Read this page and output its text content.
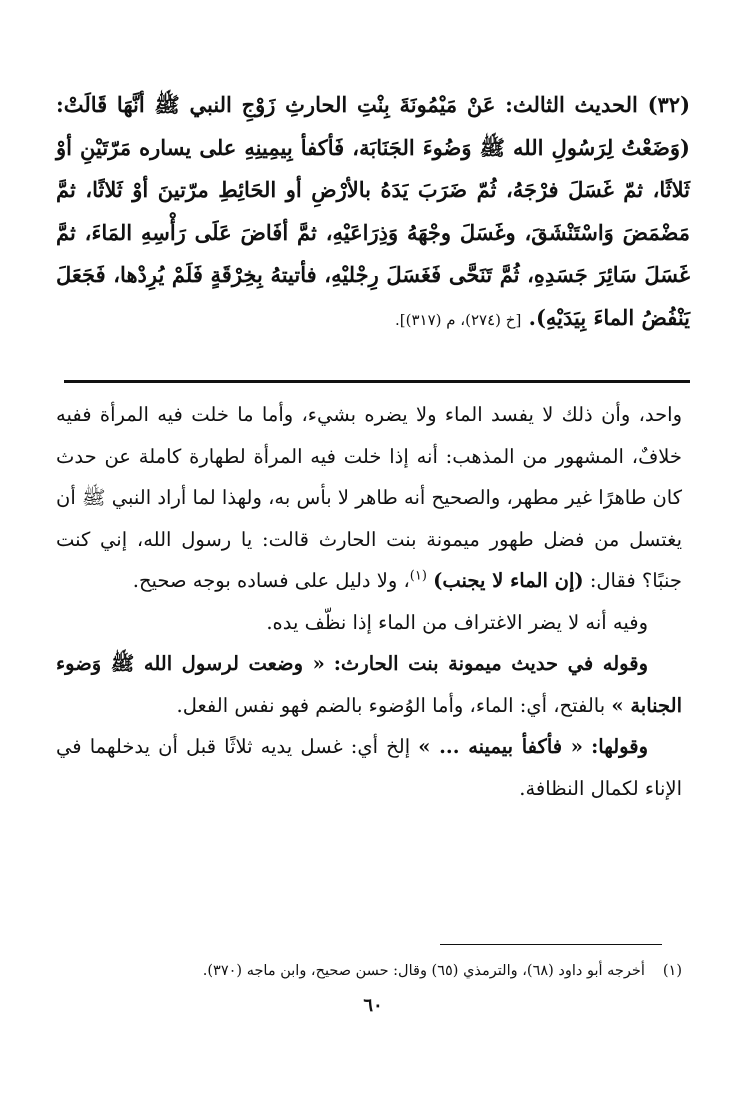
(٣٢) الحديث الثالث: عَنْ مَيْمُونَةَ بِنْتِ الحارثِ زَوْجِ النبي ﷺ أنَّهَا قَالَتْ: (وَضَعْتُ لِرَسُولِ الله ﷺ وَضُوءَ الجَنَابَة، فَأكفأ بِيمِينِهِ على يساره مَرّتَيْنِ أوْ ثَلاثًا، ثمّ غَسَلَ فرْجَهُ، ثُمّ ضَرَبَ يَدَهُ بالأرْضِ أو الحَائِطِ مرّتينَ أوْ ثَلاثًا، ثمَّ مَضْمَضَ وَاسْتَنْشَقَ، وغَسَلَ وجْهَهُ وَذِرَاعَيْهِ، ثمَّ أفَاضَ عَلَى رَأْسِهِ المَاءَ، ثمَّ غَسَلَ سَائِرَ جَسَدِهِ، ثُمَّ تَنَحَّى فَغَسَلَ رِجْليْهِ، فأتيتهُ بِخِرْقَةٍ فَلَمْ يُرِدْها، فَجَعَلَ يَنْفُضُ الماءَ بِيَدَيْهِ). [خ (٢٧٤)، م (٣١٧)].

واحد، وأن ذلك لا يفسد الماء ولا يضره بشيء، وأما ما خلت فيه المرأة ففيه خلافٌ، المشهور من المذهب: أنه إذا خلت فيه المرأة لطهارة كاملة عن حدث كان طاهرًا غير مطهر، والصحيح أنه طاهر لا بأس به، ولهذا لما أراد النبي ﷺ أن يغتسل من فضل طهور ميمونة بنت الحارث قالت: يا رسول الله، إني كنت جنبًا؟ فقال: (إن الماء لا يجنب) $^{(١)}$، ولا دليل على فساده بوجه صحيح.

وفيه أنه لا يضر الاغتراف من الماء إذا نظّف يده.

وقوله في حديث ميمونة بنت الحارث: « وضعت لرسول الله ﷺ وَضوء الجنابة » بالفتح، أي: الماء، وأما الوُضوء بالضم فهو نفس الفعل.

وقولها: « فأكفأ بيمينه ... » إلخ أي: غسل يديه ثلاثًا قبل أن يدخلهما في الإناء لكمال النظافة.

(١)أخرجه أبو داود (٦٨)، والترمذي (٦٥) وقال: حسن صحيح، وابن ماجه (٣٧٠).
٦٠
